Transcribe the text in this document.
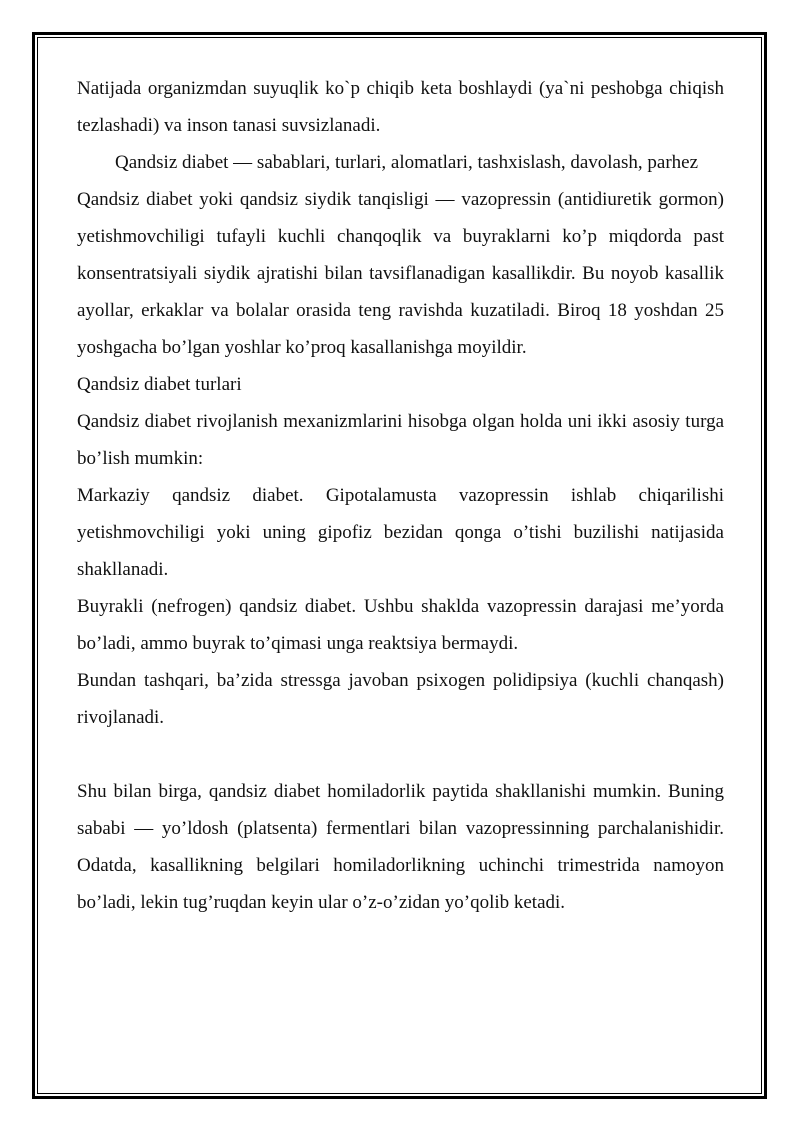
Natijada organizmdan suyuqlik ko`p chiqib keta boshlaydi (ya`ni peshobga chiqish tezlashadi) va inson tanasi suvsizlanadi.

Qandsiz diabet — sabablari, turlari, alomatlari, tashxislash, davolash, parhez

Qandsiz diabet yoki qandsiz siydik tanqisligi — vazopressin (antidiuretik gormon) yetishmovchiligi tufayli kuchli chanqoqlik va buyraklarni ko’p miqdorda past konsentratsiyali siydik ajratishi bilan tavsiflanadigan kasallikdir. Bu noyob kasallik ayollar, erkaklar va bolalar orasida teng ravishda kuzatiladi. Biroq 18 yoshdan 25 yoshgacha bo’lgan yoshlar ko’proq kasallanishga moyildir.

Qandsiz diabet turlari

Qandsiz diabet rivojlanish mexanizmlarini hisobga olgan holda uni ikki asosiy turga bo’lish mumkin:

Markaziy qandsiz diabet. Gipotalamusta vazopressin ishlab chiqarilishi yetishmovchiligi yoki uning gipofiz bezidan qonga o’tishi buzilishi natijasida shakllanadi.

Buyrakli (nefrogen) qandsiz diabet. Ushbu shaklda vazopressin darajasi me’yorda bo’ladi, ammo buyrak to’qimasi unga reaktsiya bermaydi.

Bundan tashqari, ba’zida stressga javoban psixogen polidipsiya (kuchli chanqash) rivojlanadi.

Shu bilan birga, qandsiz diabet homiladorlik paytida shakllanishi mumkin. Buning sababi — yo’ldosh (platsenta) fermentlari bilan vazopressinning parchalanishidir. Odatda, kasallikning belgilari homiladorlikning uchinchi trimestrida namoyon bo’ladi, lekin tug’ruqdan keyin ular o’z-o’zidan yo’qolib ketadi.
